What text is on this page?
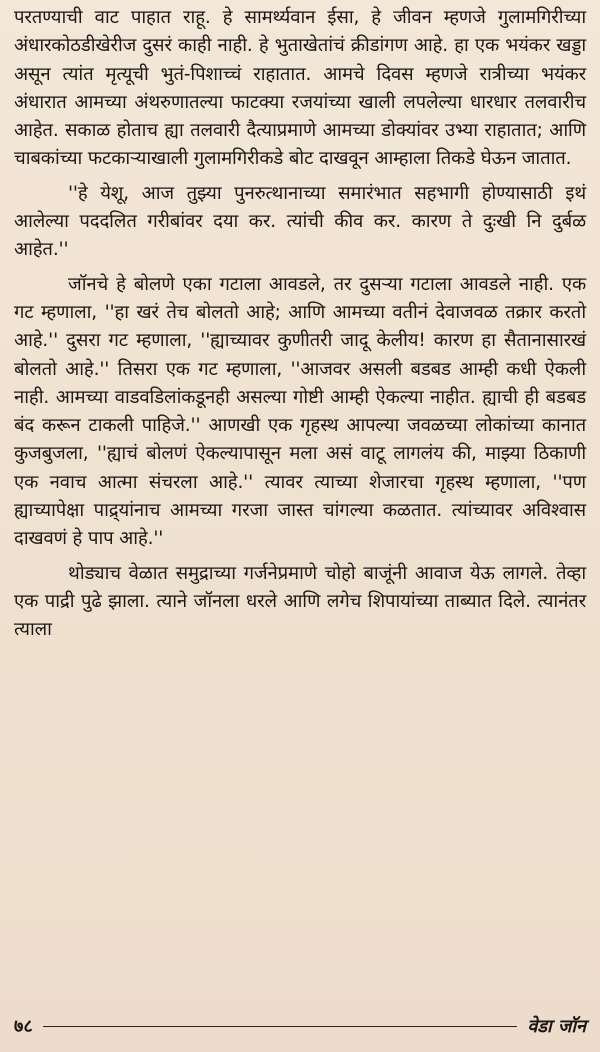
परतण्याची वाट पाहात राहू. हे सामर्थ्यवान ईसा, हे जीवन म्हणजे गुलामगिरीच्या अंधारकोठडीखेरीज दुसरं काही नाही. हे भुताखेतांचं क्रीडांगण आहे. हा एक भयंकर खड्डा असून त्यांत मृत्यूची भुतं-पिशाच्चं राहातात. आमचे दिवस म्हणजे रात्रीच्या भयंकर अंधारात आमच्या अंथरुणातल्या फाटक्या रजयांच्या खाली लपलेल्या धारधार तलवारीच आहेत. सकाळ होताच ह्या तलवारी दैत्याप्रमाणे आमच्या डोक्यांवर उभ्या राहातात; आणि चाबकांच्या फटकाऱ्याखाली गुलामगिरीकडे बोट दाखवून आम्हाला तिकडे घेऊन जातात.

''हे येशू, आज तुझ्या पुनरुत्थानाच्या समारंभात सहभागी होण्यासाठी इथं आलेल्या पददलित गरीबांवर दया कर. त्यांची कीव कर. कारण ते दुःखी नि दुर्बळ आहेत.''

जॉनचे हे बोलणे एका गटाला आवडले, तर दुसऱ्या गटाला आवडले नाही. एक गट म्हणाला, ''हा खरं तेच बोलतो आहे; आणि आमच्या वतीनं देवाजवळ तक्रार करतो आहे.'' दुसरा गट म्हणाला, ''ह्याच्यावर कुणीतरी जादू केलीय! कारण हा सैतानासारखं बोलतो आहे.'' तिसरा एक गट म्हणाला, ''आजवर असली बडबड आम्ही कधी ऐकली नाही. आमच्या वाडवडिलांकडूनही असल्या गोष्टी आम्ही ऐकल्या नाहीत. ह्याची ही बडबड बंद करून टाकली पाहिजे.'' आणखी एक गृहस्थ आपल्या जवळच्या लोकांच्या कानात कुजबुजला, ''ह्याचं बोलणं ऐकल्यापासून मला असं वाटू लागलंय की, माझ्या ठिकाणी एक नवाच आत्मा संचरला आहे.'' त्यावर त्याच्या शेजारचा गृहस्थ म्हणाला, ''पण ह्याच्यापेक्षा पाद्र्यांनाच आमच्या गरजा जास्त चांगल्या कळतात. त्यांच्यावर अविश्वास दाखवणं हे पाप आहे.''

थोड्याच वेळात समुद्राच्या गर्जनेप्रमाणे चोहो बाजूंनी आवाज येऊ लागले. तेव्हा एक पाद्री पुढे झाला. त्याने जॉनला धरले आणि लगेच शिपायांच्या ताब्यात दिले. त्यानंतर त्याला

७८	वेडा जॉन
